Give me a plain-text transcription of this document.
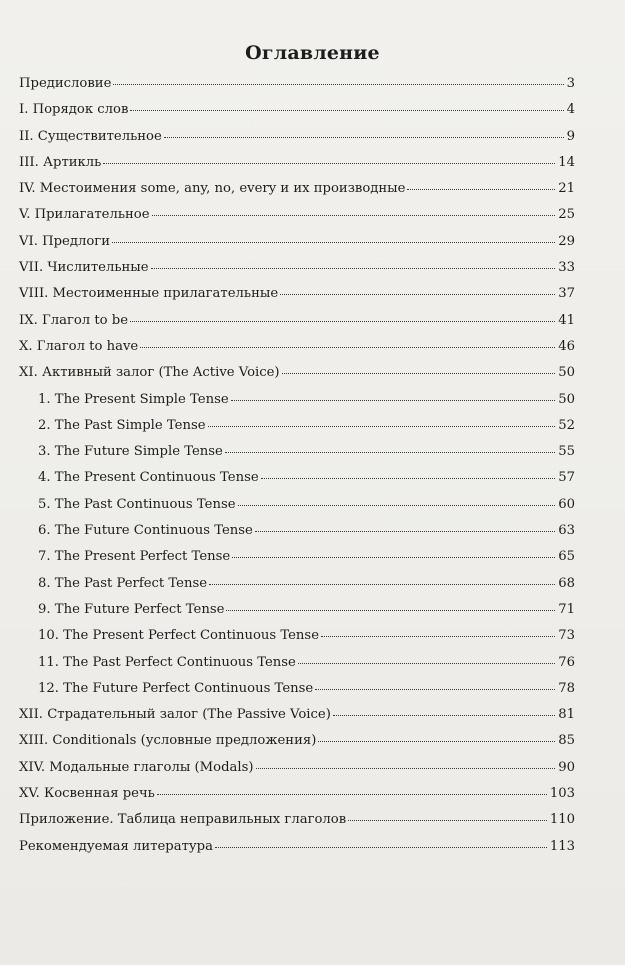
Оглавление
Предисловие	3
I. Порядок слов	4
II. Существительное	9
III. Артикль	14
IV. Местоимения some, any, no, every и их производные	21
V. Прилагательное	25
VI. Предлоги	29
VII. Числительные	33
VIII. Местоименные прилагательные	37
IX. Глагол to be	41
X. Глагол to have	46
XI. Активный залог (The Active Voice)	50
1. The Present Simple Tense	50
2. The Past Simple Tense	52
3. The Future Simple Tense	55
4. The Present Continuous Tense	57
5. The Past Continuous Tense	60
6. The Future Continuous Tense	63
7. The Present Perfect Tense	65
8. The Past Perfect Tense	68
9. The Future Perfect Tense	71
10. The Present Perfect Continuous Tense	73
11. The Past Perfect Continuous Tense	76
12. The Future Perfect Continuous Tense	78
XII. Страдательный залог (The Passive Voice)	81
XIII. Conditionals (условные предложения)	85
XIV. Модальные глаголы (Modals)	90
XV. Косвенная речь	103
Приложение. Таблица неправильных глаголов	110
Рекомендуемая литература	113
